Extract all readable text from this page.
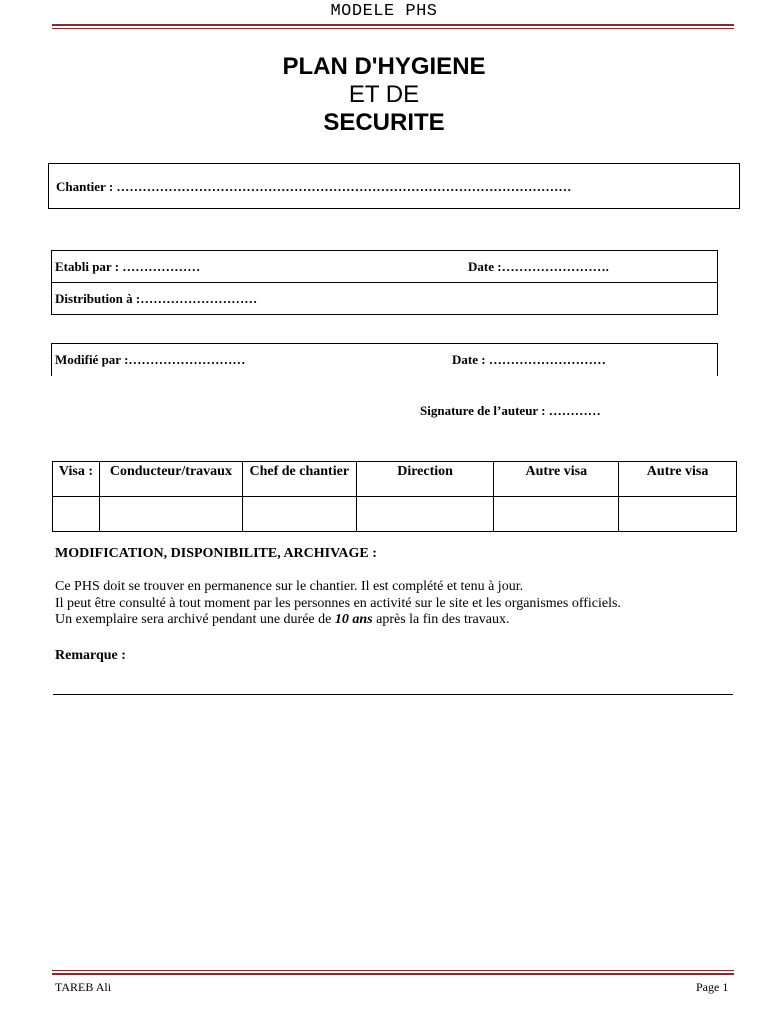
MODELE PHS
PLAN D'HYGIENE
ET DE
SECURITE
Chantier : ……………………………………………………………………………………………
Etabli par : ………………	Date :…………………….
Distribution à :………………………
Modifié par :………………………	Date : ………………………
Signature de l’auteur : …………
Visa :	Conducteur/travaux	Chef de chantier	Direction	Autre visa	Autre visa

MODIFICATION, DISPONIBILITE, ARCHIVAGE :
Ce PHS doit se trouver en permanence sur le chantier. Il est complété et tenu à jour.
Il peut être consulté à tout moment par les personnes en activité sur le site et les organismes officiels.
Un exemplaire sera archivé pendant une durée de 10 ans après la fin des travaux.
Remarque :
TAREB Ali	Page 1
